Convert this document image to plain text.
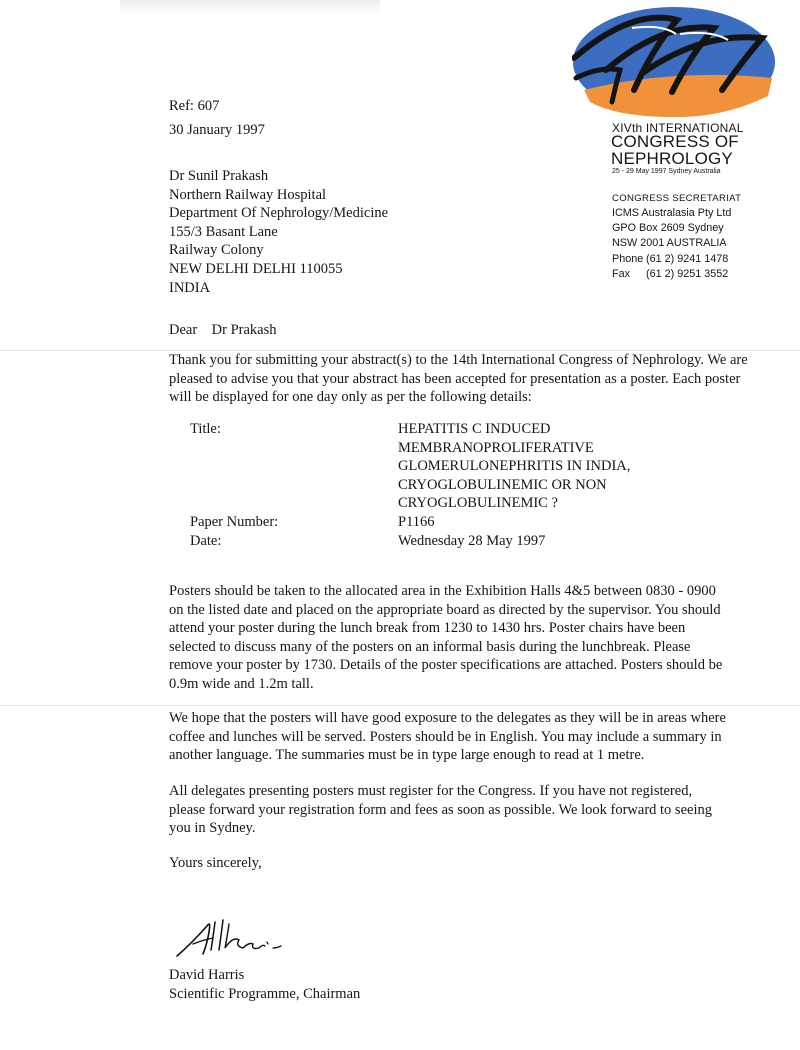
XIVth INTERNATIONAL
CONGRESS OF
NEPHROLOGY
25 - 29 May 1997 Sydney Australia
CONGRESS SECRETARIAT
ICMS Australasia Pty Ltd
GPO Box 2609 Sydney
NSW 2001 AUSTRALIA
Phone (61 2) 9241 1478
Fax	(61 2) 9251 3552
Ref: 607
30 January 1997
Dr Sunil Prakash
Northern Railway Hospital
Department Of Nephrology/Medicine
155/3 Basant Lane
Railway Colony
NEW DELHI DELHI 110055
INDIA
Dear    Dr Prakash
Thank you for submitting your abstract(s) to the 14th International Congress of Nephrology. We are pleased to advise you that your abstract has been accepted for presentation as a poster. Each poster will be displayed for one day only as per the following details:
Title:	HEPATITIS C INDUCED
MEMBRANOPROLIFERATIVE
GLOMERULONEPHRITIS IN INDIA,
CRYOGLOBULINEMIC OR NON
CRYOGLOBULINEMIC ?
Paper Number:	P1166
Date:	Wednesday 28 May 1997
Posters should be taken to the allocated area in the Exhibition Halls 4&5 between 0830 - 0900
on the listed date and placed on the appropriate board as directed by the supervisor. You should
attend your poster during the lunch break from 1230 to 1430 hrs. Poster chairs have been
selected to discuss many of the posters on an informal basis during the lunchbreak. Please
remove your poster by 1730. Details of the poster specifications are attached. Posters should be
0.9m wide and 1.2m tall.
We hope that the posters will have good exposure to the delegates as they will be in areas where
coffee and lunches will be served. Posters should be in English. You may include a summary in
another language. The summaries must be in type large enough to read at 1 metre.
All delegates presenting posters must register for the Congress. If you have not registered,
please forward your registration form and fees as soon as possible. We look forward to seeing
you in Sydney.
Yours sincerely,
David Harris
Scientific Programme, Chairman
